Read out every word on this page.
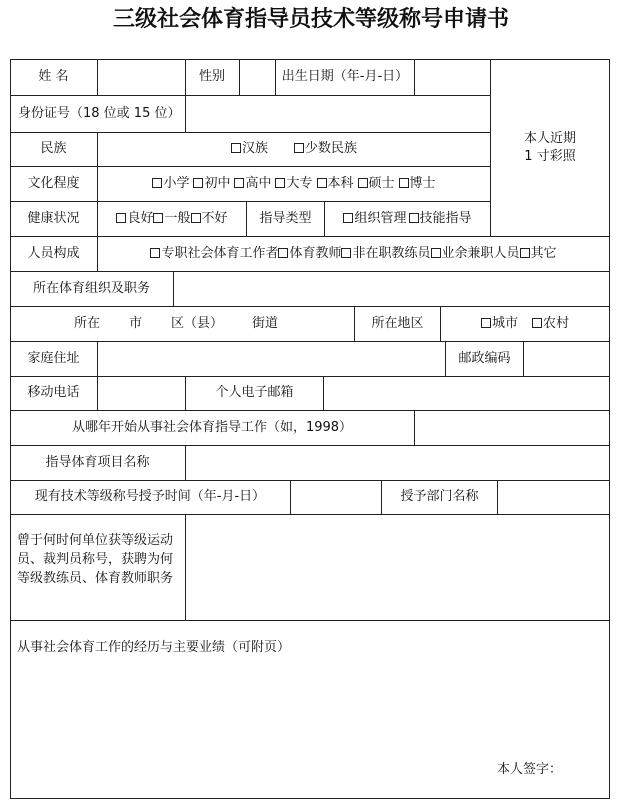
三级社会体育指导员技术等级称号申请书
姓 名	性别	出生日期（年-月-日）
本人近期
1 寸彩照
身份证号（18 位或 15 位）
民族	汉族	少数民族
文化程度	小学	初中	高中	大专	本科	硕士	博士
健康状况	良好 一般 不好	指导类型	组织管理	技能指导
人员构成	专职社会体育工作者 体育教师 非在职教练员 业余兼职人员 其它
所在体育组织及职务
所在 市 区（县） 街道	所在地区	城市	农村
家庭住址	邮政编码
移动电话	个人电子邮箱
从哪年开始从事社会体育指导工作（如，1998）
指导体育项目名称
现有技术等级称号授予时间（年-月-日）	授予部门名称
曾于何时何单位获等级运动员、裁判员称号，获聘为何等级教练员、体育教师职务
从事社会体育工作的经历与主要业绩（可附页）
本人签字：
